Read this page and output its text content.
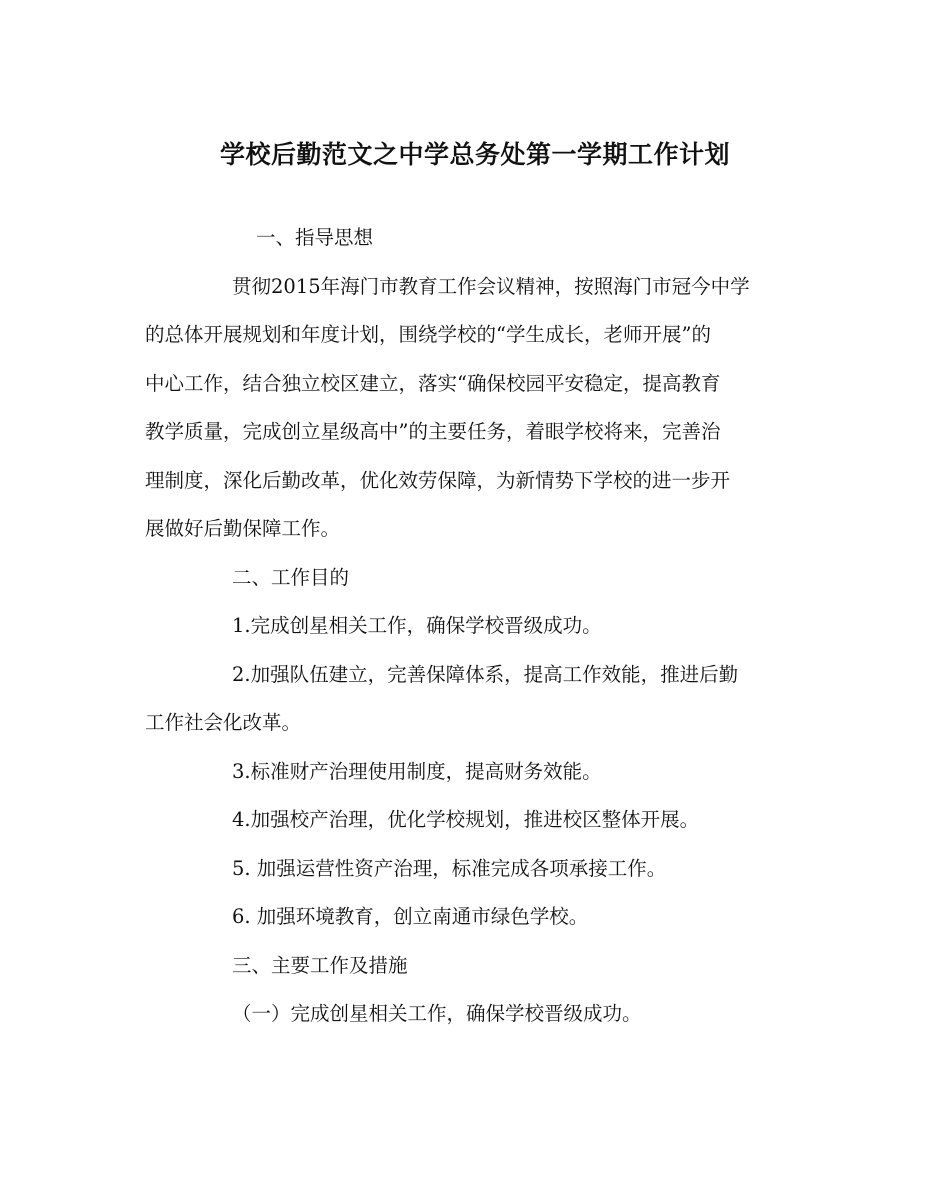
学校后勤范文之中学总务处第一学期工作计划
一、指导思想
贯彻2015年海门市教育工作会议精神，按照海门市冠今中学
的总体开展规划和年度计划，围绕学校的“学生成长，老师开展”的
中心工作，结合独立校区建立，落实“确保校园平安稳定，提高教育
教学质量，完成创立星级高中”的主要任务，着眼学校将来，完善治
理制度，深化后勤改革，优化效劳保障，为新情势下学校的进一步开
展做好后勤保障工作。
二、工作目的
1.完成创星相关工作，确保学校晋级成功。
2.加强队伍建立，完善保障体系，提高工作效能，推进后勤
工作社会化改革。
3.标准财产治理使用制度，提高财务效能。
4.加强校产治理，优化学校规划，推进校区整体开展。
5. 加强运营性资产治理，标准完成各项承接工作。
6. 加强环境教育，创立南通市绿色学校。
三、主要工作及措施
（一）完成创星相关工作，确保学校晋级成功。
